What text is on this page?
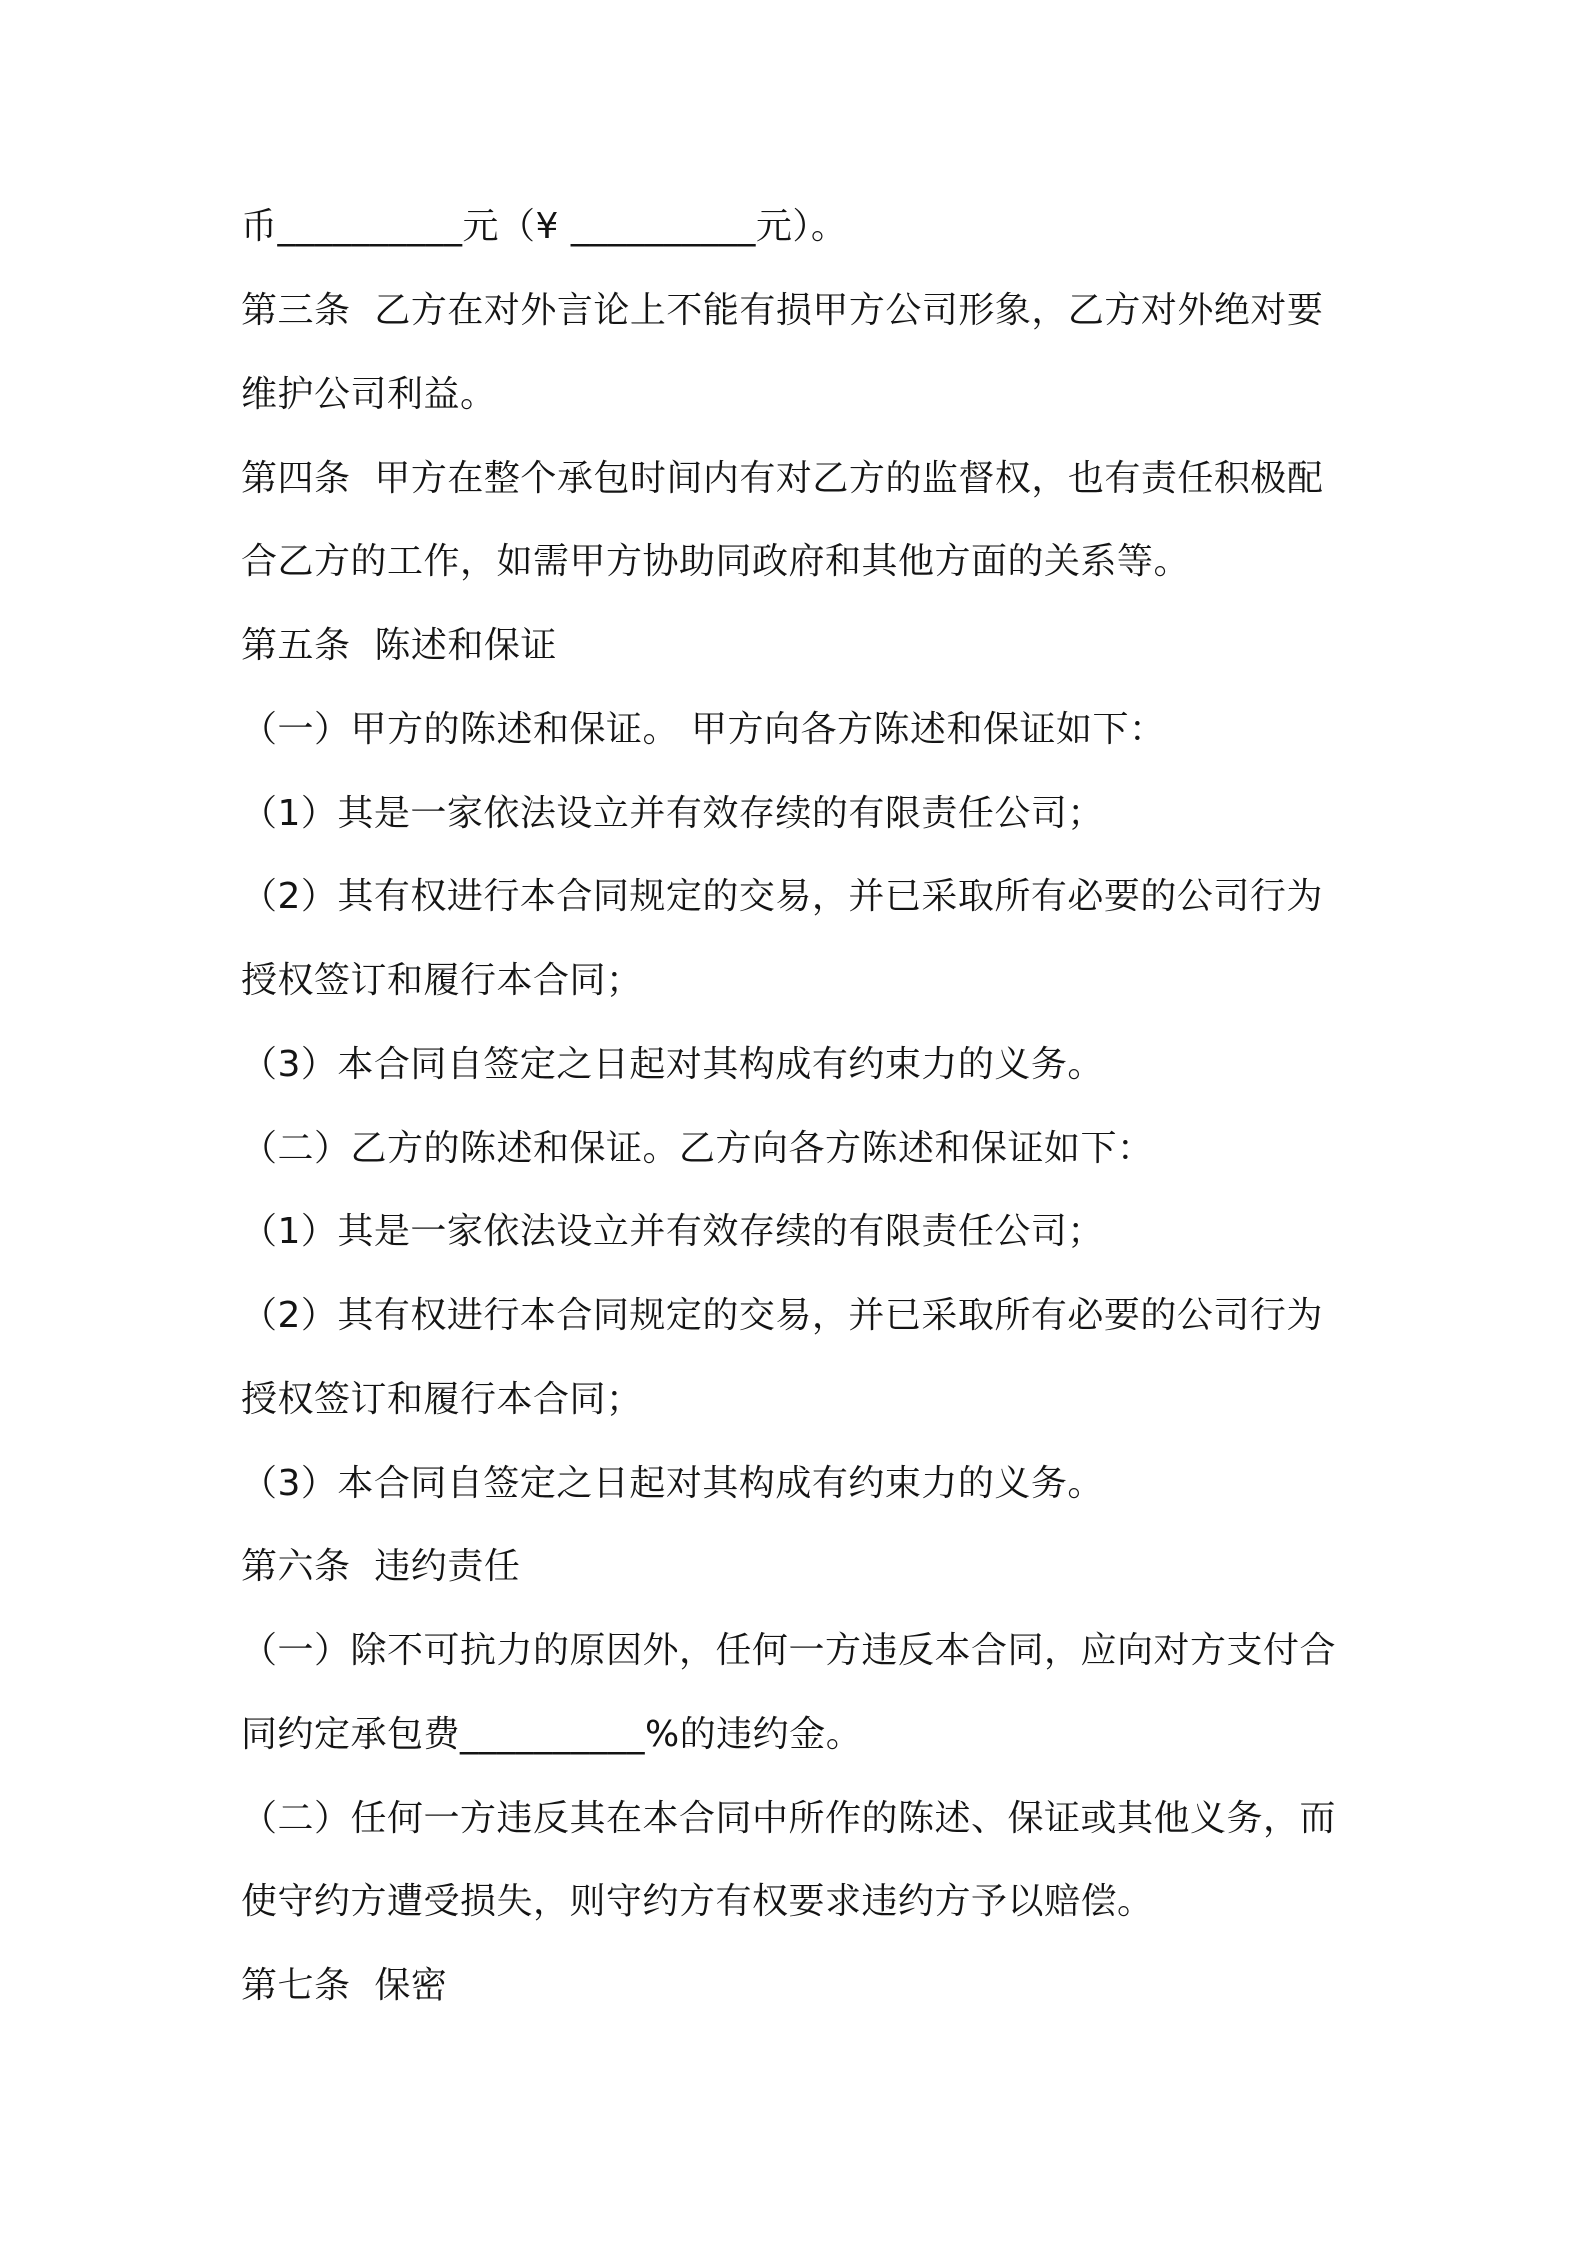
币__________元（¥ __________元）。
第三条  乙方在对外言论上不能有损甲方公司形象，乙方对外绝对要
维护公司利益。
第四条  甲方在整个承包时间内有对乙方的监督权，也有责任积极配
合乙方的工作，如需甲方协助同政府和其他方面的关系等。
第五条  陈述和保证
（一）甲方的陈述和保证。 甲方向各方陈述和保证如下：
（1）其是一家依法设立并有效存续的有限责任公司；
（2）其有权进行本合同规定的交易，并已采取所有必要的公司行为
授权签订和履行本合同；
（3）本合同自签定之日起对其构成有约束力的义务。
（二）乙方的陈述和保证。乙方向各方陈述和保证如下：
（1）其是一家依法设立并有效存续的有限责任公司；
（2）其有权进行本合同规定的交易，并已采取所有必要的公司行为
授权签订和履行本合同；
（3）本合同自签定之日起对其构成有约束力的义务。
第六条  违约责任
（一）除不可抗力的原因外，任何一方违反本合同，应向对方支付合
同约定承包费__________%的违约金。
（二）任何一方违反其在本合同中所作的陈述、保证或其他义务，而
使守约方遭受损失，则守约方有权要求违约方予以赔偿。
第七条  保密
